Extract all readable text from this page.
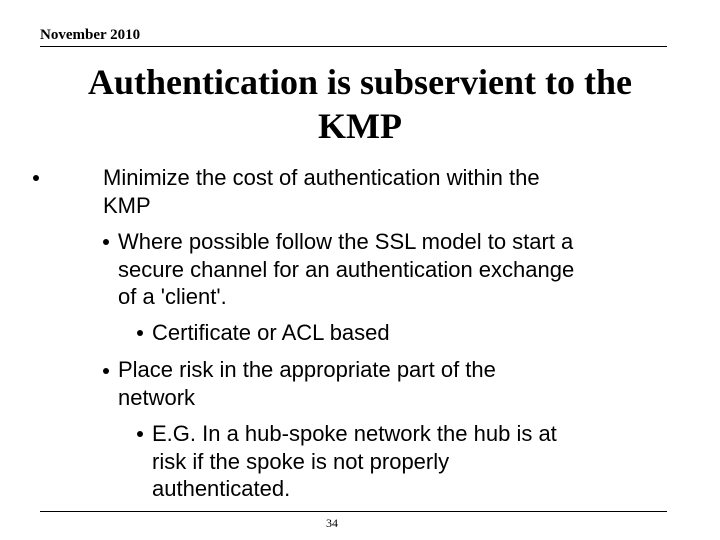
November 2010
Authentication is subservient to the
KMP
Minimize the cost of authentication within the
KMP
Where possible follow the SSL model to start a
secure channel for an authentication exchange
of a 'client'.
Certificate or ACL based
Place risk in the appropriate part of the
network
E.G. In a hub-spoke network the hub is at
risk if the spoke is not properly
authenticated.
34
